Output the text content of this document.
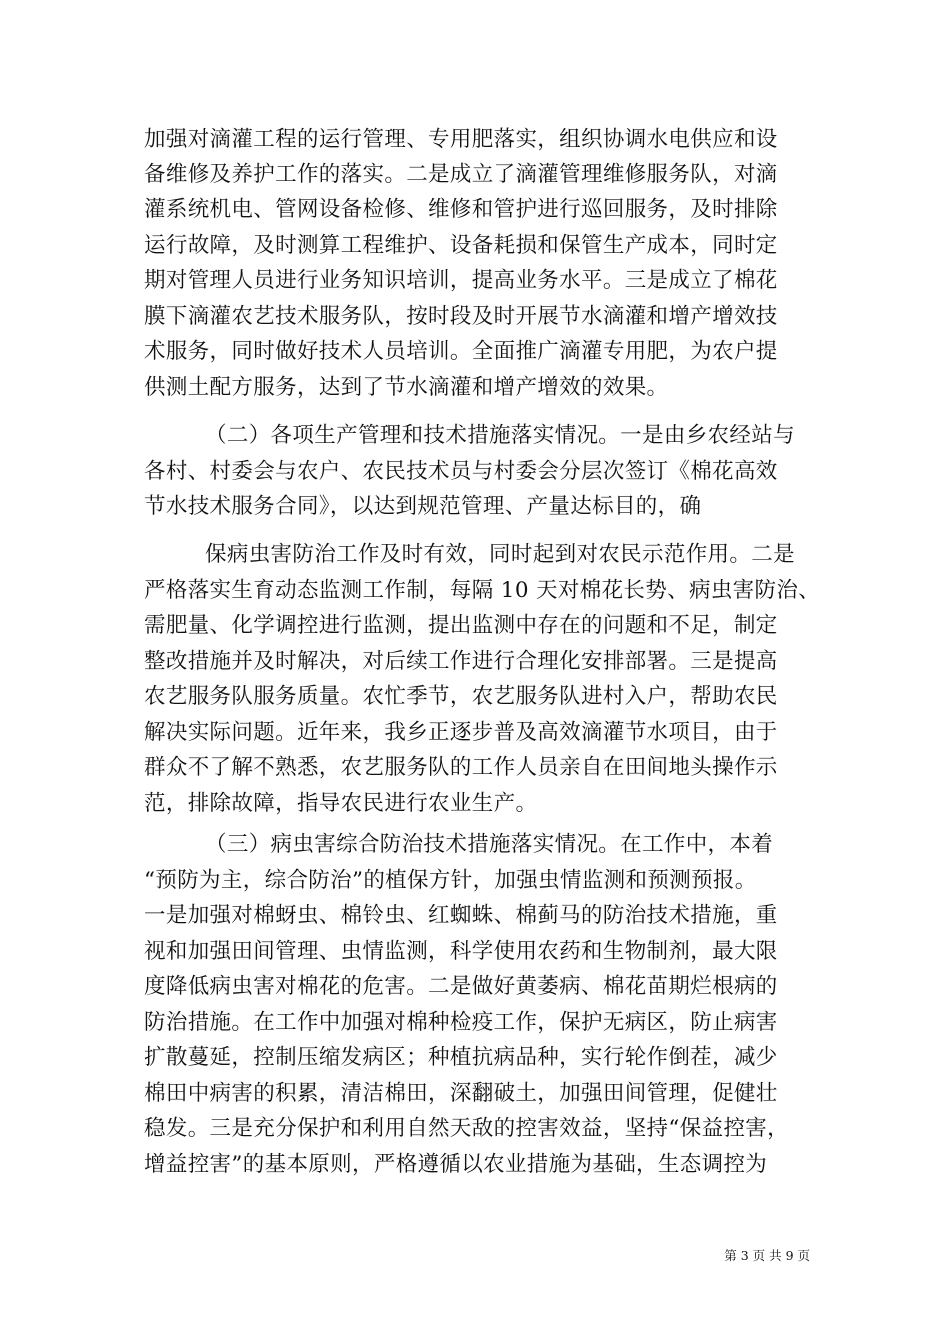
加强对滴灌工程的运行管理、专用肥落实，组织协调水电供应和设
备维修及养护工作的落实。二是成立了滴灌管理维修服务队，对滴
灌系统机电、管网设备检修、维修和管护进行巡回服务，及时排除
运行故障，及时测算工程维护、设备耗损和保管生产成本，同时定
期对管理人员进行业务知识培训，提高业务水平。三是成立了棉花
膜下滴灌农艺技术服务队，按时段及时开展节水滴灌和增产增效技
术服务，同时做好技术人员培训。全面推广滴灌专用肥，为农户提
供测土配方服务，达到了节水滴灌和增产增效的效果。
（二）各项生产管理和技术措施落实情况。一是由乡农经站与
各村、村委会与农户、农民技术员与村委会分层次签订《棉花高效
节水技术服务合同》，以达到规范管理、产量达标目的，确
保病虫害防治工作及时有效，同时起到对农民示范作用。二是
严格落实生育动态监测工作制，每隔 10 天对棉花长势、病虫害防治、
需肥量、化学调控进行监测，提出监测中存在的问题和不足，制定
整改措施并及时解决，对后续工作进行合理化安排部署。三是提高
农艺服务队服务质量。农忙季节，农艺服务队进村入户，帮助农民
解决实际问题。近年来，我乡正逐步普及高效滴灌节水项目，由于
群众不了解不熟悉，农艺服务队的工作人员亲自在田间地头操作示
范，排除故障，指导农民进行农业生产。
（三）病虫害综合防治技术措施落实情况。在工作中，本着
“预防为主，综合防治”的植保方针，加强虫情监测和预测预报。
一是加强对棉蚜虫、棉铃虫、红蜘蛛、棉蓟马的防治技术措施，重
视和加强田间管理、虫情监测，科学使用农药和生物制剂，最大限
度降低病虫害对棉花的危害。二是做好黄萎病、棉花苗期烂根病的
防治措施。在工作中加强对棉种检疫工作，保护无病区，防止病害
扩散蔓延，控制压缩发病区；种植抗病品种，实行轮作倒茬，减少
棉田中病害的积累，清洁棉田，深翻破土，加强田间管理，促健壮
稳发。三是充分保护和利用自然天敌的控害效益，坚持“保益控害，
增益控害”的基本原则，严格遵循以农业措施为基础，生态调控为
第 3 页 共 9 页
